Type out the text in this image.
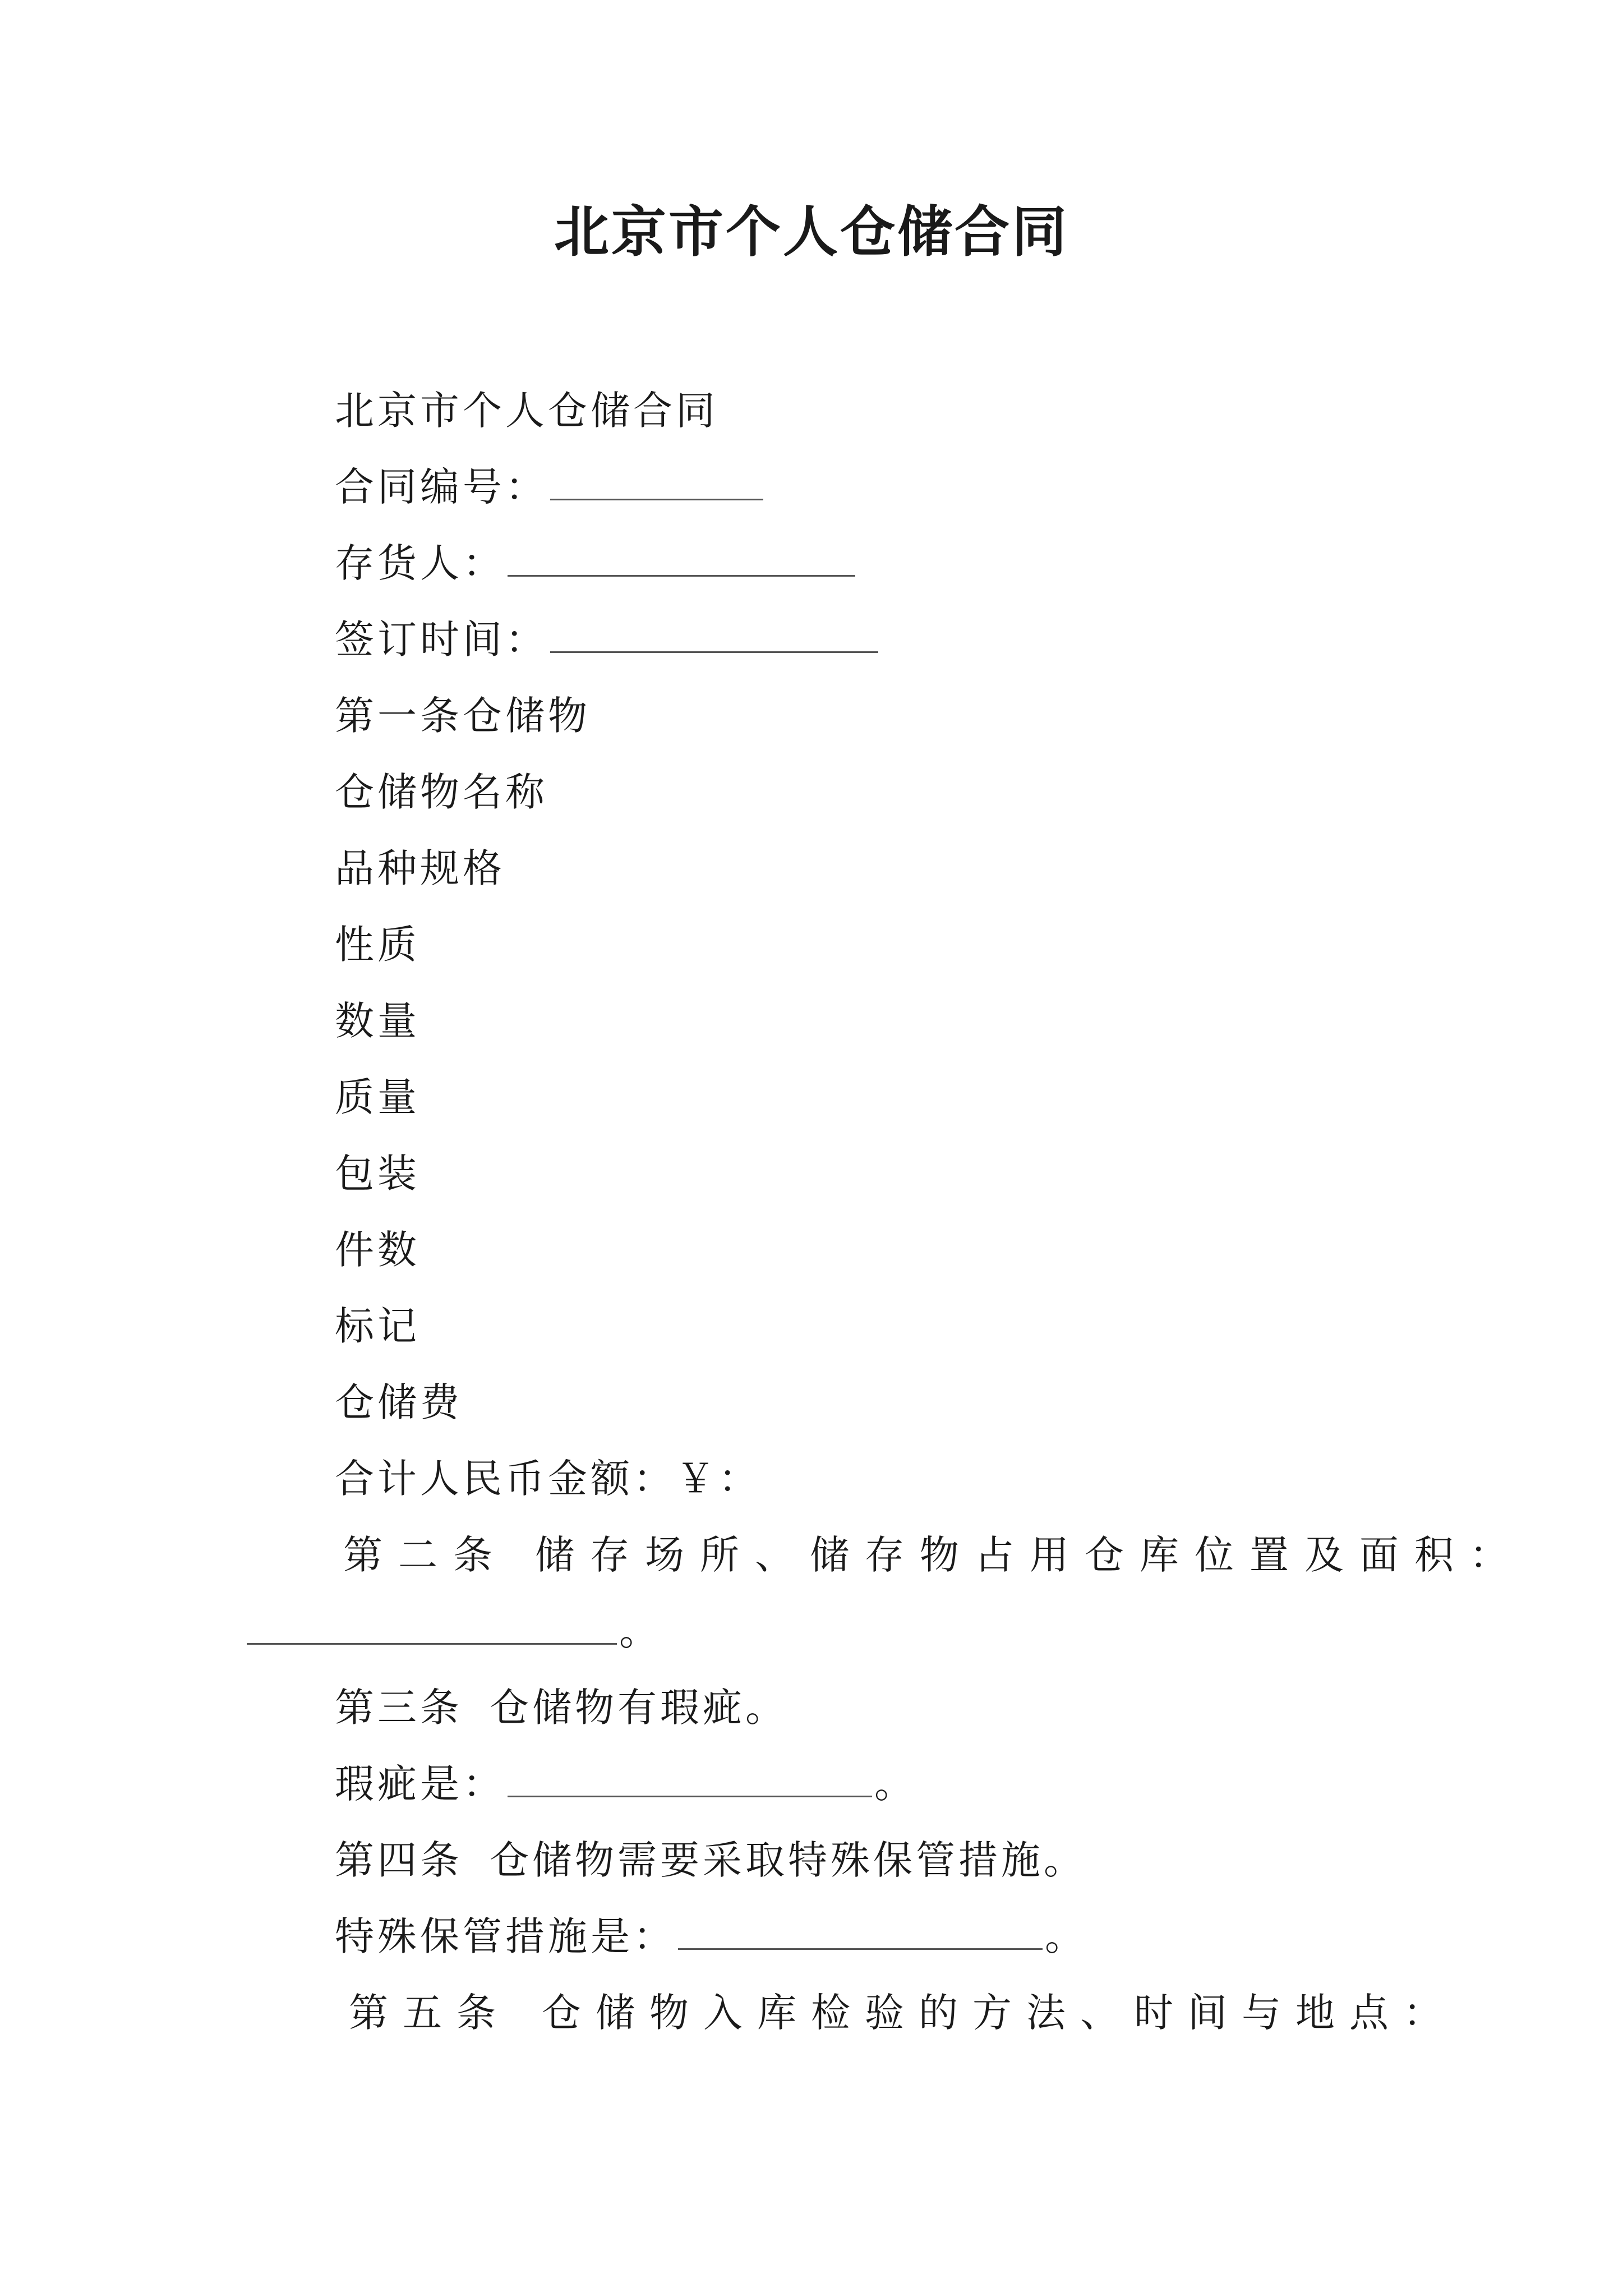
北京市个人仓储合同
北京市个人仓储合同
合同编号：
存货人：
签订时间：
第一条仓储物
仓储物名称
品种规格
性质
数量
质量
包装
件数
标记
仓储费
合计人民币金额：￥：
第二条 储存场所、储存物占用仓库位置及面积：
。
第三条 仓储物有瑕疵。
瑕疵是：	。
第四条 仓储物需要采取特殊保管措施。
特殊保管措施是：	。
第五条 仓储物入库检验的方法、时间与地点：
